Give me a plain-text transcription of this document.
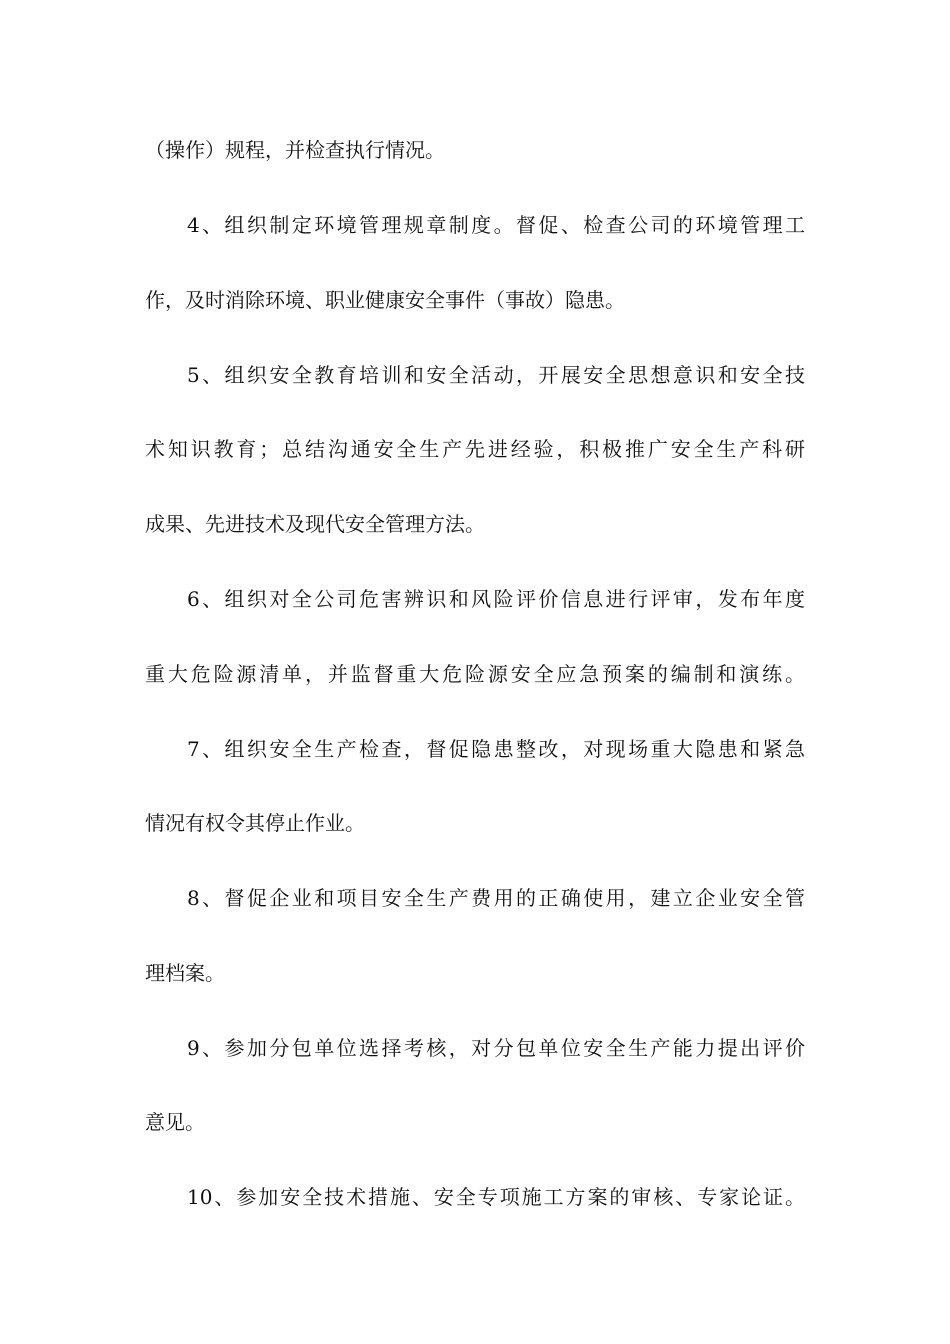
（操作）规程，并检查执行情况。
4、组织制定环境管理规章制度。督促、检查公司的环境管理工
作，及时消除环境、职业健康安全事件（事故）隐患。
5、组织安全教育培训和安全活动，开展安全思想意识和安全技
术知识教育；总结沟通安全生产先进经验，积极推广安全生产科研
成果、先进技术及现代安全管理方法。
6、组织对全公司危害辨识和风险评价信息进行评审，发布年度
重大危险源清单，并监督重大危险源安全应急预案的编制和演练。
7、组织安全生产检查，督促隐患整改，对现场重大隐患和紧急
情况有权令其停止作业。
8、督促企业和项目安全生产费用的正确使用，建立企业安全管
理档案。
9、参加分包单位选择考核，对分包单位安全生产能力提出评价
意见。
10、参加安全技术措施、安全专项施工方案的审核、专家论证。
